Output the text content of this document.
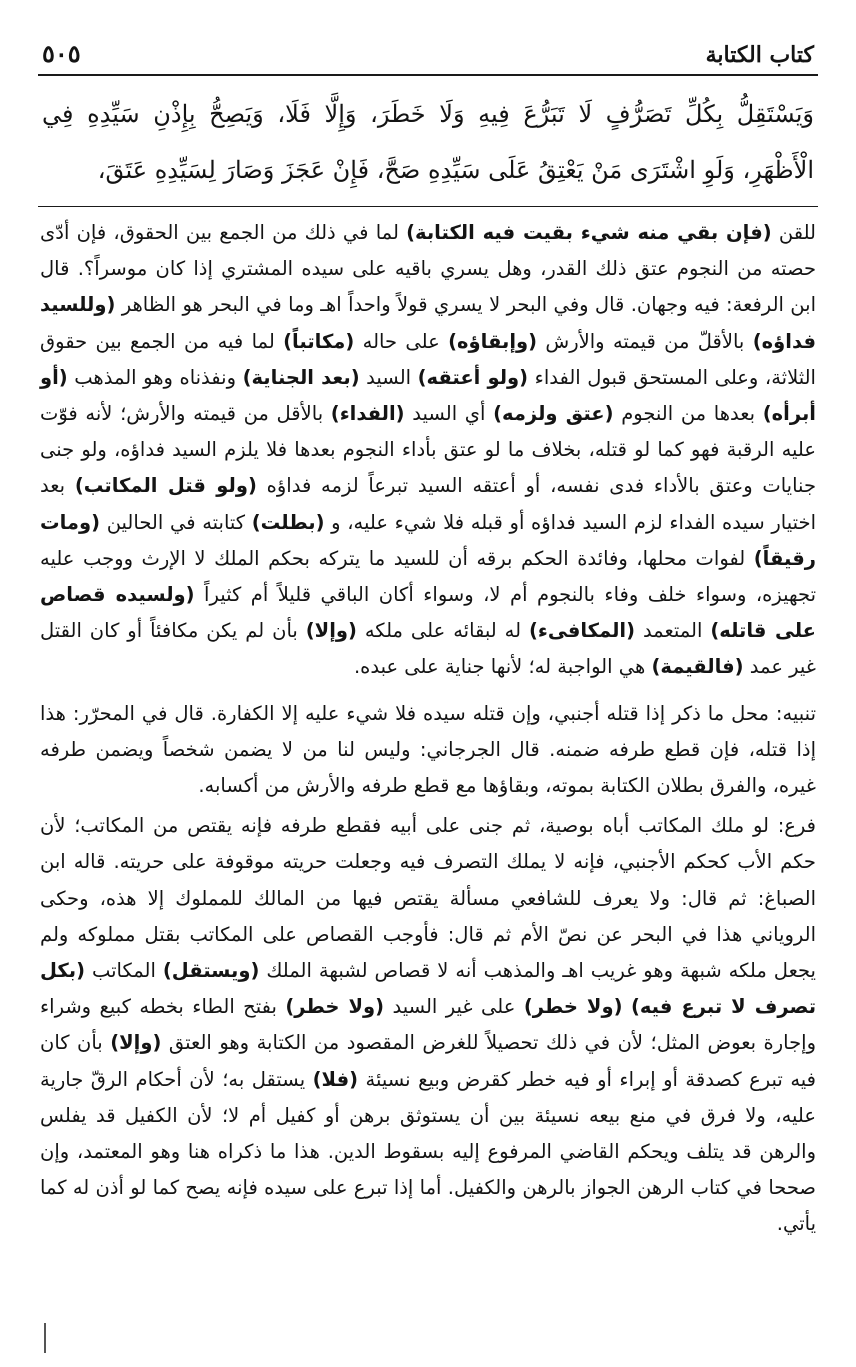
كتاب الكتابة
٥٠٥
وَيَسْتَقِلُّ بِكُلِّ تَصَرُّفٍ لَا تَبَرُّعَ فِيهِ وَلَا خَطَرَ، وَإِلَّا فَلَا، وَيَصِحُّ بِإِذْنِ سَيِّدِهِ فِي الْأَظْهَرِ، وَلَوِ اشْتَرَى مَنْ يَعْتِقُ عَلَى سَيِّدِهِ صَحَّ، فَإِنْ عَجَزَ وَصَارَ لِسَيِّدِهِ عَتَقَ،

للقن (فإن بقي منه شيء بقيت فيه الكتابة) لما في ذلك من الجمع بين الحقوق، فإن أدّى حصته من النجوم عتق ذلك القدر، وهل يسري باقيه على سيده المشتري إذا كان موسراً؟. قال ابن الرفعة: فيه وجهان. قال وفي البحر لا يسري قولاً واحداً اهـ وما في البحر هو الظاهر (وللسيد فداؤه) بالأقلّ من قيمته والأرش (وإبقاؤه) على حاله (مكاتباً) لما فيه من الجمع بين حقوق الثلاثة، وعلى المستحق قبول الفداء (ولو أعتقه) السيد (بعد الجناية) ونفذناه وهو المذهب (أو أبرأه) بعدها من النجوم (عتق ولزمه) أي السيد (الفداء) بالأقل من قيمته والأرش؛ لأنه فوّت عليه الرقبة فهو كما لو قتله، بخلاف ما لو عتق بأداء النجوم بعدها فلا يلزم السيد فداؤه، ولو جنى جنايات وعتق بالأداء فدى نفسه، أو أعتقه السيد تبرعاً لزمه فداؤه (ولو قتل المكاتب) بعد اختيار سيده الفداء لزم السيد فداؤه أو قبله فلا شيء عليه، و (بطلت) كتابته في الحالين (ومات رقيقاً) لفوات محلها، وفائدة الحكم برقه أن للسيد ما يتركه بحكم الملك لا الإرث ووجب عليه تجهيزه، وسواء خلف وفاء بالنجوم أم لا، وسواء أكان الباقي قليلاً أم كثيراً (ولسيده قصاص على قاتله) المتعمد (المكافىء) له لبقائه على ملكه (وإلا) بأن لم يكن مكافئاً أو كان القتل غير عمد (فالقيمة) هي الواجبة له؛ لأنها جناية على عبده.

تنبيه: محل ما ذكر إذا قتله أجنبي، وإن قتله سيده فلا شيء عليه إلا الكفارة. قال في المحرّر: هذا إذا قتله، فإن قطع طرفه ضمنه. قال الجرجاني: وليس لنا من لا يضمن شخصاً ويضمن طرفه غيره، والفرق بطلان الكتابة بموته، وبقاؤها مع قطع طرفه والأرش من أكسابه.

فرع: لو ملك المكاتب أباه بوصية، ثم جنى على أبيه فقطع طرفه فإنه يقتص من المكاتب؛ لأن حكم الأب كحكم الأجنبي، فإنه لا يملك التصرف فيه وجعلت حريته موقوفة على حريته. قاله ابن الصباغ: ثم قال: ولا يعرف للشافعي مسألة يقتص فيها من المالك للمملوك إلا هذه، وحكى الروياني هذا في البحر عن نصّ الأم ثم قال: فأوجب القصاص على المكاتب بقتل مملوكه ولم يجعل ملكه شبهة وهو غريب اهـ والمذهب أنه لا قصاص لشبهة الملك (ويستقل) المكاتب (بكل تصرف لا تبرع فيه) (ولا خطر) على غير السيد (ولا خطر) بفتح الطاء بخطه كبيع وشراء وإجارة بعوض المثل؛ لأن في ذلك تحصيلاً للغرض المقصود من الكتابة وهو العتق (وإلا) بأن كان فيه تبرع كصدقة أو إبراء أو فيه خطر كقرض وبيع نسيئة (فلا) يستقل به؛ لأن أحكام الرقّ جارية عليه، ولا فرق في منع بيعه نسيئة بين أن يستوثق برهن أو كفيل أم لا؛ لأن الكفيل قد يفلس والرهن قد يتلف ويحكم القاضي المرفوع إليه بسقوط الدين. هذا ما ذكراه هنا وهو المعتمد، وإن صححا في كتاب الرهن الجواز بالرهن والكفيل. أما إذا تبرع على سيده فإنه يصح كما لو أذن له كما يأتي.
